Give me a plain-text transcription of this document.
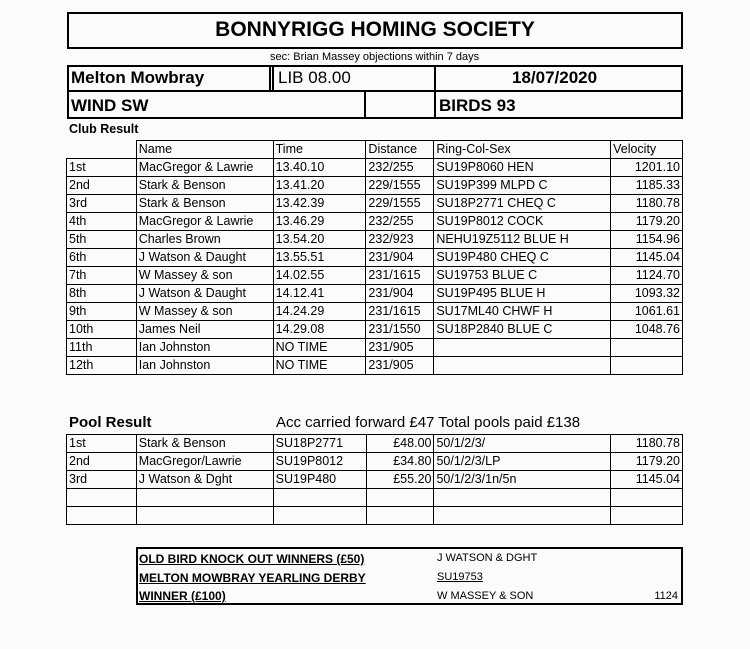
BONNYRIGG HOMING SOCIETY
sec: Brian Massey objections within 7 days
Melton Mowbray	LIB 08.00	18/07/2020
WIND SW	BIRDS 93
Club Result
	Name	Time	Distance	Ring-Col-Sex	Velocity
1st	MacGregor & Lawrie	13.40.10	232/255	SU19P8060 HEN	1201.10
2nd	Stark & Benson	13.41.20	229/1555	SU19P399 MLPD C	1185.33
3rd	Stark & Benson	13.42.39	229/1555	SU18P2771 CHEQ C	1180.78
4th	MacGregor & Lawrie	13.46.29	232/255	SU19P8012 COCK	1179.20
5th	Charles Brown	13.54.20	232/923	NEHU19Z5112 BLUE H	1154.96
6th	J Watson & Daught	13.55.51	231/904	SU19P480 CHEQ C	1145.04
7th	W Massey & son	14.02.55	231/1615	SU19753 BLUE C	1124.70
8th	J Watson & Daught	14.12.41	231/904	SU19P495 BLUE H	1093.32
9th	W Massey & son	14.24.29	231/1615	SU17ML40 CHWF H	1061.61
10th	James Neil	14.29.08	231/1550	SU18P2840 BLUE C	1048.76
11th	Ian Johnston	NO TIME	231/905		
12th	Ian Johnston	NO TIME	231/905		
Pool Result	Acc carried forward £47 Total pools paid £138
1st	Stark & Benson	SU18P2771	£48.00	50/1/2/3/	1180.78
2nd	MacGregor/Lawrie	SU19P8012	£34.80	50/1/2/3/LP	1179.20
3rd	J Watson & Dght	SU19P480	£55.20	50/1/2/3/1n/5n	1145.04

OLD BIRD KNOCK OUT WINNERS (£50)	J WATSON & DGHT
MELTON MOWBRAY YEARLING DERBY	SU19753
WINNER (£100)	W MASSEY & SON	1124
